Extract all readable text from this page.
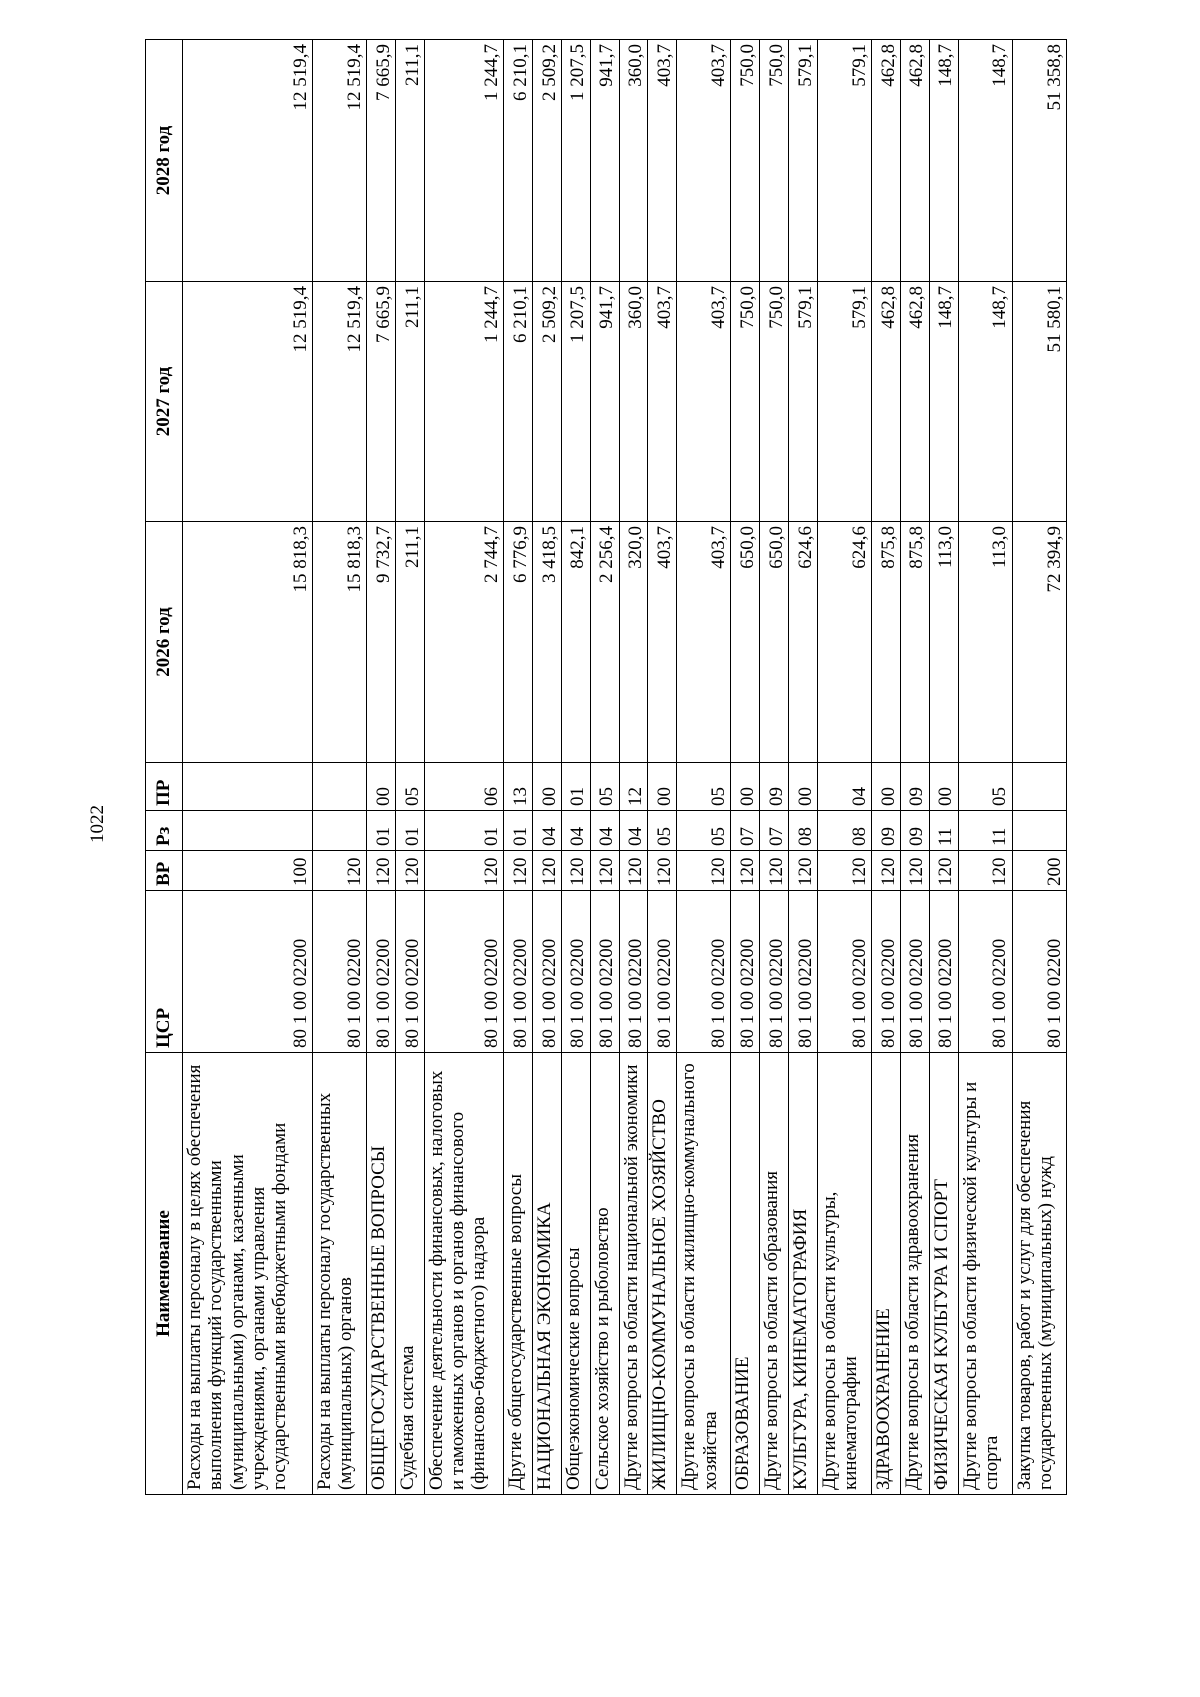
1022
Наименование	ЦСР	ВР	Рз	ПР	2026 год	2027 год	2028 год
Расходы на выплаты персоналу в целях обеспечения выполнения функций государственными (муниципальными) органами, казенными учреждениями, органами управления государственными внебюджетными фондами	80 1 00 02200	100			15 818,3	12 519,4	12 519,4
Расходы на выплаты персоналу государственных (муниципальных) органов	80 1 00 02200	120			15 818,3	12 519,4	12 519,4
ОБЩЕГОСУДАРСТВЕННЫЕ ВОПРОСЫ	80 1 00 02200	120	01	00	9 732,7	7 665,9	7 665,9
Судебная система	80 1 00 02200	120	01	05	211,1	211,1	211,1
Обеспечение деятельности финансовых, налоговых и таможенных органов и органов финансового (финансово-бюджетного) надзора	80 1 00 02200	120	01	06	2 744,7	1 244,7	1 244,7
Другие общегосударственные вопросы	80 1 00 02200	120	01	13	6 776,9	6 210,1	6 210,1
НАЦИОНАЛЬНАЯ ЭКОНОМИКА	80 1 00 02200	120	04	00	3 418,5	2 509,2	2 509,2
Общеэкономические вопросы	80 1 00 02200	120	04	01	842,1	1 207,5	1 207,5
Сельское хозяйство и рыболовство	80 1 00 02200	120	04	05	2 256,4	941,7	941,7
Другие вопросы в области национальной экономики	80 1 00 02200	120	04	12	320,0	360,0	360,0
ЖИЛИЩНО-КОММУНАЛЬНОЕ ХОЗЯЙСТВО	80 1 00 02200	120	05	00	403,7	403,7	403,7
Другие вопросы в области жилищно-коммунального хозяйства	80 1 00 02200	120	05	05	403,7	403,7	403,7
ОБРАЗОВАНИЕ	80 1 00 02200	120	07	00	650,0	750,0	750,0
Другие вопросы в области образования	80 1 00 02200	120	07	09	650,0	750,0	750,0
КУЛЬТУРА, КИНЕМАТОГРАФИЯ	80 1 00 02200	120	08	00	624,6	579,1	579,1
Другие вопросы в области культуры, кинематографии	80 1 00 02200	120	08	04	624,6	579,1	579,1
ЗДРАВООХРАНЕНИЕ	80 1 00 02200	120	09	00	875,8	462,8	462,8
Другие вопросы в области здравоохранения	80 1 00 02200	120	09	09	875,8	462,8	462,8
ФИЗИЧЕСКАЯ КУЛЬТУРА И СПОРТ	80 1 00 02200	120	11	00	113,0	148,7	148,7
Другие вопросы в области физической культуры и спорта	80 1 00 02200	120	11	05	113,0	148,7	148,7
Закупка товаров, работ и услуг для обеспечения государственных (муниципальных) нужд	80 1 00 02200	200			72 394,9	51 580,1	51 358,8
